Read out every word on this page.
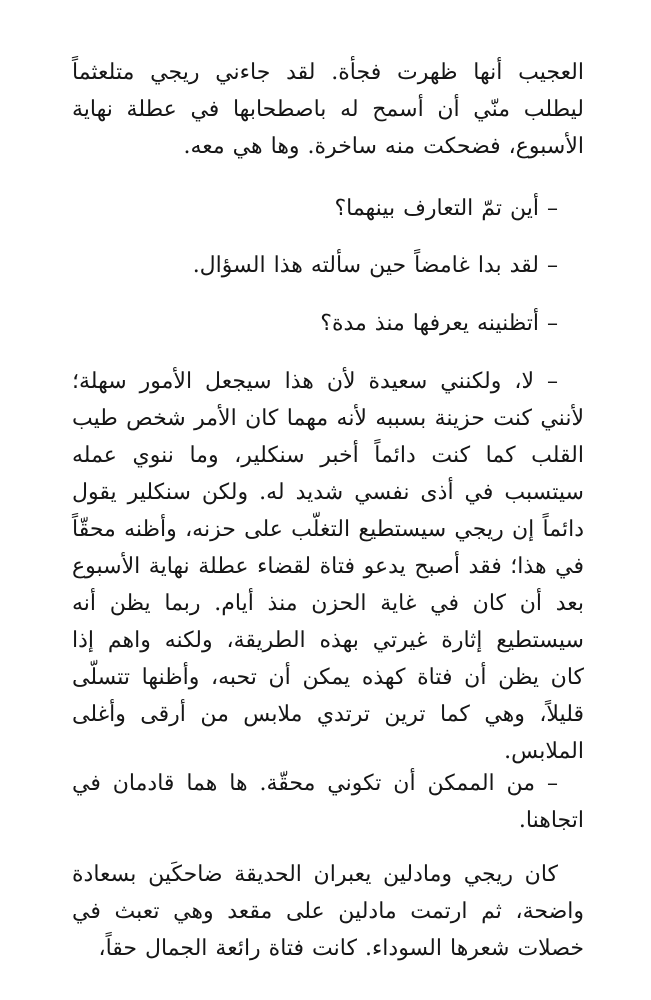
العجيب أنها ظهرت فجأة. لقد جاءني ريجي متلعثماً ليطلب منّي أن أسمح له باصطحابها في عطلة نهاية الأسبوع، فضحكت منه ساخرة. وها هي معه.

– أين تمّ التعارف بينهما؟

– لقد بدا غامضاً حين سألته هذا السؤال.

– أتظنينه يعرفها منذ مدة؟

– لا، ولكنني سعيدة لأن هذا سيجعل الأمور سهلة؛ لأنني كنت حزينة بسببه لأنه مهما كان الأمر شخص طيب القلب كما كنت دائماً أخبر سنكلير، وما ننوي عمله سيتسبب في أذى نفسي شديد له. ولكن سنكلير يقول دائماً إن ريجي سيستطيع التغلّب على حزنه، وأظنه محقّاً في هذا؛ فقد أصبح يدعو فتاة لقضاء عطلة نهاية الأسبوع بعد أن كان في غاية الحزن منذ أيام. ربما يظن أنه سيستطيع إثارة غيرتي بهذه الطريقة، ولكنه واهم إذا كان يظن أن فتاة كهذه يمكن أن تحبه، وأظنها تتسلّى قليلاً، وهي كما ترين ترتدي ملابس من أرقى وأغلى الملابس.

– من الممكن أن تكوني محقّة. ها هما قادمان في اتجاهنا.

كان ريجي ومادلين يعبران الحديقة ضاحكَين بسعادة واضحة، ثم ارتمت مادلين على مقعد وهي تعبث في خصلات شعرها السوداء. كانت فتاة رائعة الجمال حقاً،
